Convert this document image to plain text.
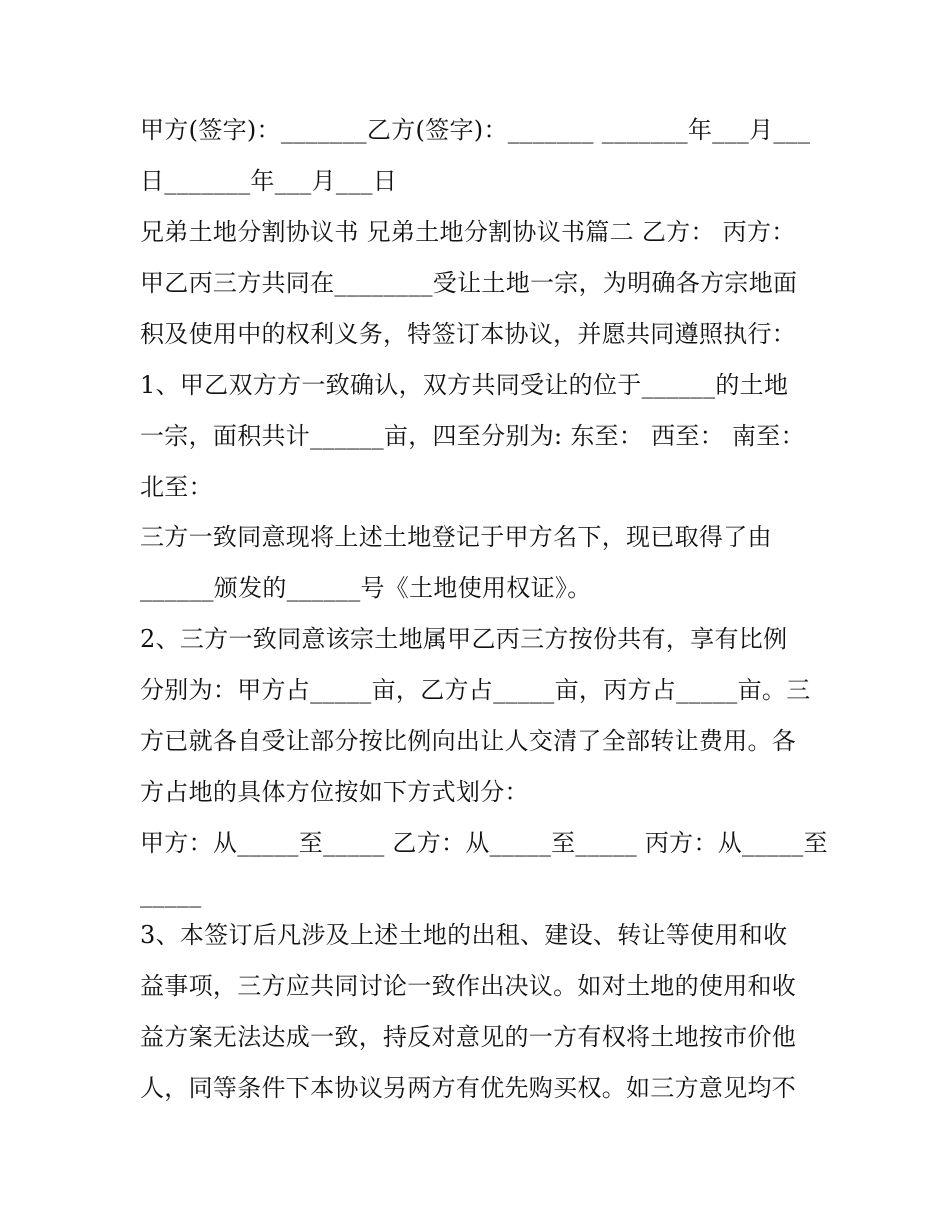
甲方(签字)：_______乙方(签字)：_______ _______年___月___
日_______年___月___日
兄弟土地分割协议书 兄弟土地分割协议书篇二 乙方： 丙方：
甲乙丙三方共同在________受让土地一宗，为明确各方宗地面
积及使用中的权利义务，特签订本协议，并愿共同遵照执行：
1、甲乙双方方一致确认，双方共同受让的位于______的土地
一宗，面积共计______亩，四至分别为: 东至： 西至： 南至：
北至：
三方一致同意现将上述土地登记于甲方名下，现已取得了由
______颁发的______号《土地使用权证》。
2、三方一致同意该宗土地属甲乙丙三方按份共有，享有比例
分别为：甲方占_____亩，乙方占_____亩，丙方占_____亩。三
方已就各自受让部分按比例向出让人交清了全部转让费用。各
方占地的具体方位按如下方式划分：
甲方：从_____至_____ 乙方：从_____至_____ 丙方：从_____至
_____
3、本签订后凡涉及上述土地的出租、建设、转让等使用和收
益事项，三方应共同讨论一致作出决议。如对土地的使用和收
益方案无法达成一致，持反对意见的一方有权将土地按市价他
人，同等条件下本协议另两方有优先购买权。如三方意见均不
